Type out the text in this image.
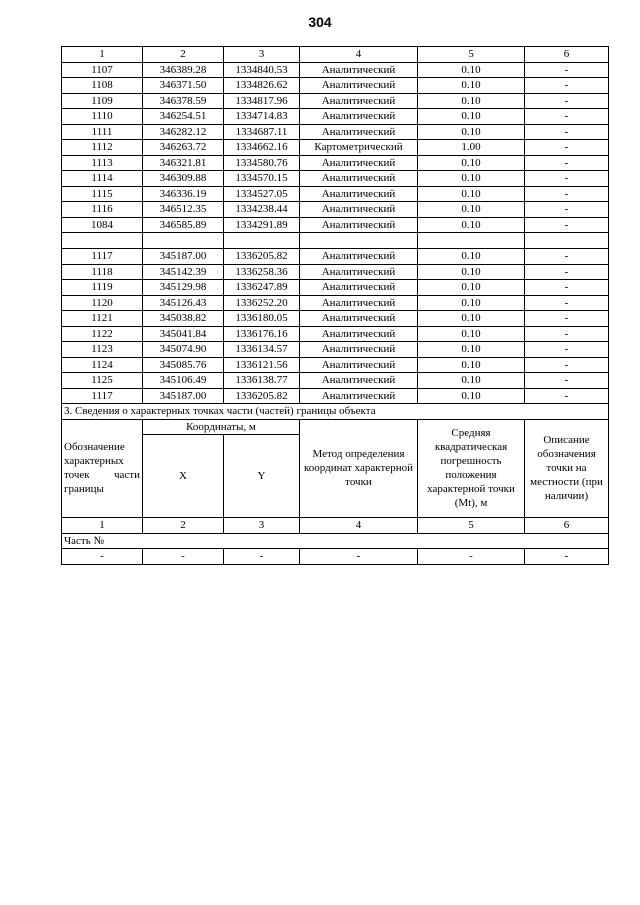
304
1	2	3	4	5	6
1107	346389.28	1334840.53	Аналитический	0.10	-
1108	346371.50	1334826.62	Аналитический	0.10	-
1109	346378.59	1334817.96	Аналитический	0.10	-
1110	346254.51	1334714.83	Аналитический	0.10	-
1111	346282.12	1334687.11	Аналитический	0.10	-
1112	346263.72	1334662.16	Картометрический	1.00	-
1113	346321.81	1334580.76	Аналитический	0.10	-
1114	346309.88	1334570.15	Аналитический	0.10	-
1115	346336.19	1334527.05	Аналитический	0.10	-
1116	346512.35	1334238.44	Аналитический	0.10	-
1084	346585.89	1334291.89	Аналитический	0.10	-

1117	345187.00	1336205.82	Аналитический	0.10	-
1118	345142.39	1336258.36	Аналитический	0.10	-
1119	345129.98	1336247.89	Аналитический	0.10	-
1120	345126.43	1336252.20	Аналитический	0.10	-
1121	345038.82	1336180.05	Аналитический	0.10	-
1122	345041.84	1336176.16	Аналитический	0.10	-
1123	345074.90	1336134.57	Аналитический	0.10	-
1124	345085.76	1336121.56	Аналитический	0.10	-
1125	345106.49	1336138.77	Аналитический	0.10	-
1117	345187.00	1336205.82	Аналитический	0.10	-
3. Сведения о характерных точках части (частей) границы объекта					
Обозначение характерных точек части границы	Координаты, м		Метод определения координат характерной точки	Средняя квадратическая погрешность положения характерной точки (Mt), м	Описание обозначения точки на местности (при наличии)
	X	Y			
1	2	3	4	5	6
Часть №					
-	-	-	-	-	-
